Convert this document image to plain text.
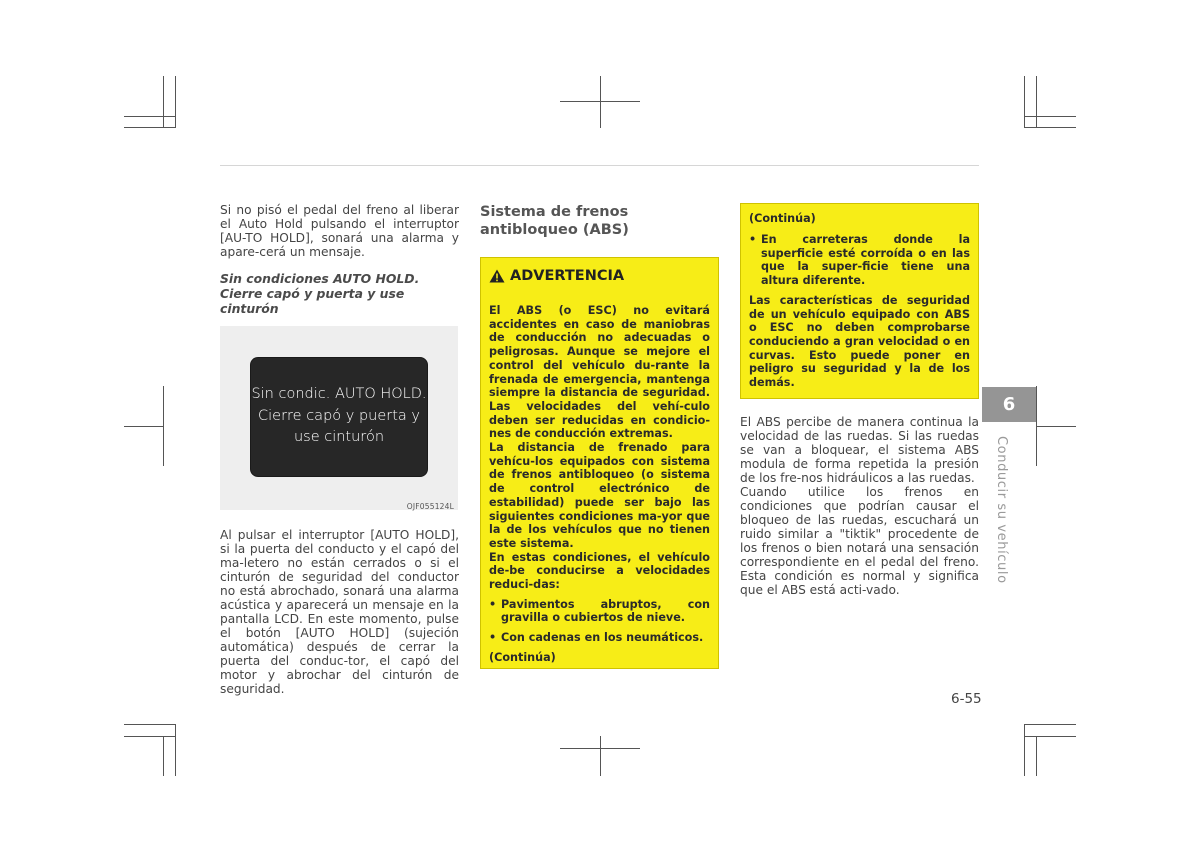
Si no pisó el pedal del freno al liberar el Auto Hold pulsando el interruptor [AU-TO HOLD], sonará una alarma y apare-cerá un mensaje.

Sin condiciones AUTO HOLD. Cierre capó y puerta y use cinturón
Sin condic. AUTO HOLD.
Cierre capó y puerta y
use cinturón
OJF055124L

Al pulsar el interruptor [AUTO HOLD], si la puerta del conducto y el capó del ma-letero no están cerrados o si el cinturón de seguridad del conductor no está abrochado, sonará una alarma acústica y aparecerá un mensaje en la pantalla LCD. En este momento, pulse el botón [AUTO HOLD] (sujeción automática) después de cerrar la puerta del conduc-tor, el capó del motor y abrochar del cinturón de seguridad.

Sistema de frenos antibloqueo (ABS)
ADVERTENCIA

El ABS (o ESC) no evitará accidentes en caso de maniobras de conducción no adecuadas o peligrosas. Aunque se mejore el control del vehículo du-rante la frenada de emergencia, mantenga siempre la distancia de seguridad. Las velocidades del vehí-culo deben ser reducidas en condicio-nes de conducción extremas.

La distancia de frenado para vehícu-los equipados con sistema de frenos antibloqueo (o sistema de control electrónico de estabilidad) puede ser bajo las siguientes condiciones ma-yor que la de los vehículos que no tienen este sistema.

En estas condiciones, el vehículo de-be conducirse a velocidades reduci-das:

• Pavimentos abruptos, con gravilla o cubiertos de nieve.
• Con cadenas en los neumáticos.
(Continúa)
(Continúa)
• En carreteras donde la superficie esté corroída o en las que la super-ficie tiene una altura diferente.

Las características de seguridad de un vehículo equipado con ABS o ESC no deben comprobarse conduciendo a gran velocidad o en curvas. Esto puede poner en peligro su seguridad y la de los demás.

El ABS percibe de manera continua la velocidad de las ruedas. Si las ruedas se van a bloquear, el sistema ABS modula de forma repetida la presión de los fre-nos hidráulicos a las ruedas.

Cuando utilice los frenos en condiciones que podrían causar el bloqueo de las ruedas, escuchará un ruido similar a "tiktik" procedente de los frenos o bien notará una sensación correspondiente en el pedal del freno. Esta condición es normal y significa que el ABS está acti-vado.

6
Conducir su vehículo
6-55
